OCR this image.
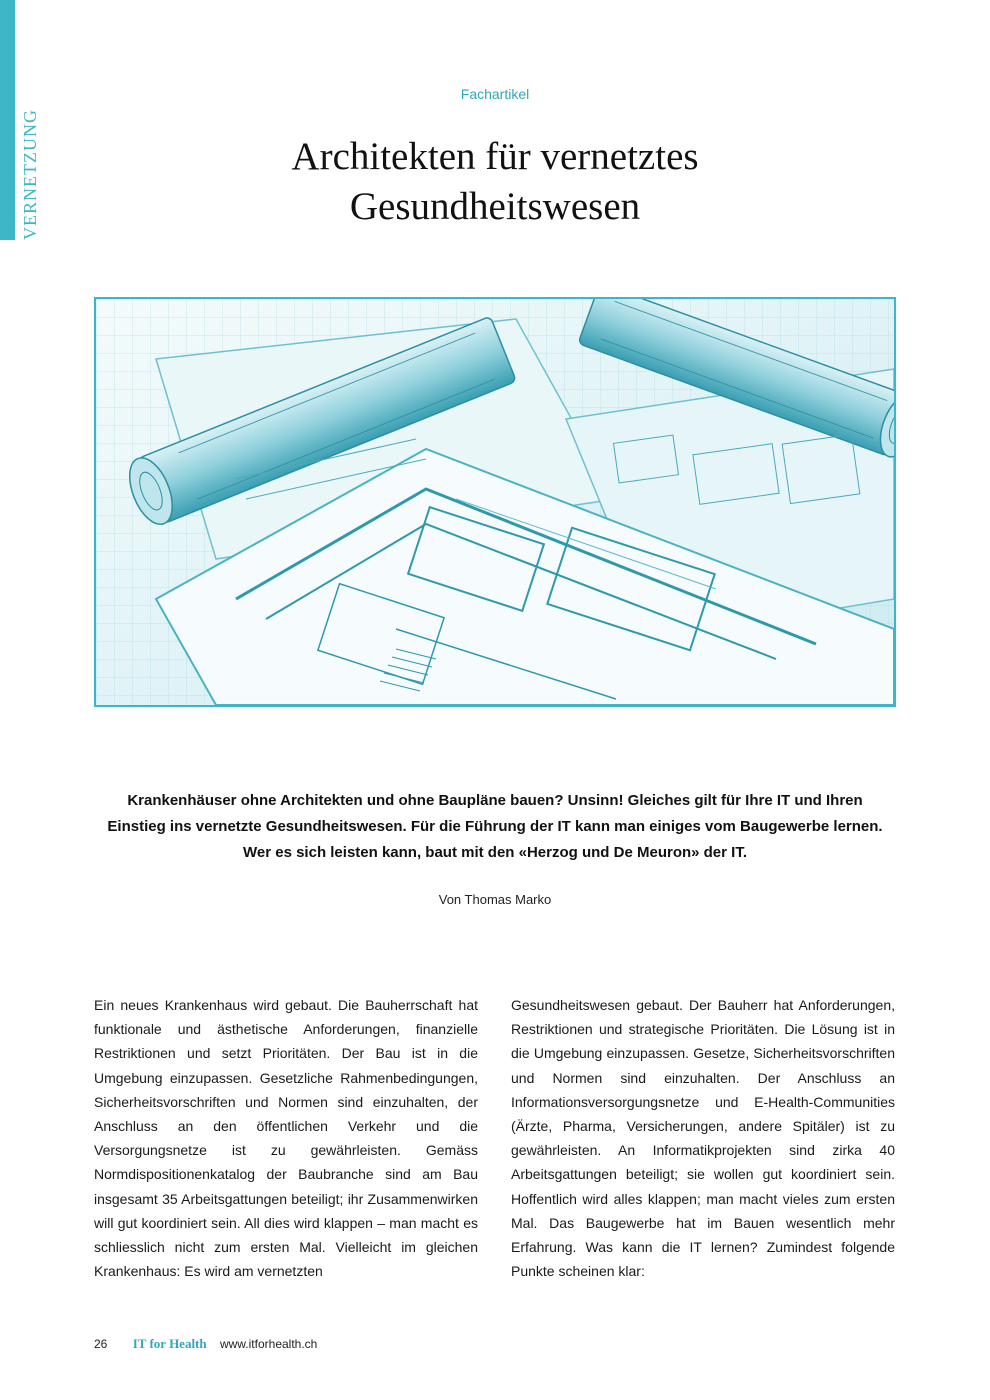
VERNETZUNG
Fachartikel
Architekten für vernetztes
Gesundheitswesen

Krankenhäuser ohne Architekten und ohne Baupläne bauen? Unsinn! Gleiches gilt für Ihre IT und Ihren Einstieg ins vernetzte Gesundheitswesen. Für die Führung der IT kann man einiges vom Baugewerbe lernen. Wer es sich leisten kann, baut mit den «Herzog und De Meuron» der IT.

Von Thomas Marko

Ein neues Krankenhaus wird gebaut. Die Bauherrschaft hat funktionale und ästhetische Anforderungen, finanzielle Restriktionen und setzt Prioritäten. Der Bau ist in die Umgebung einzupassen. Gesetzliche Rahmenbedingungen, Sicherheitsvorschriften und Normen sind einzuhalten, der Anschluss an den öffentlichen Verkehr und die Versorgungsnetze ist zu gewährleisten. Gemäss Normdispositionenkatalog der Baubranche sind am Bau insgesamt 35 Arbeitsgattungen beteiligt; ihr Zusammenwirken will gut koordiniert sein. All dies wird klappen – man macht es schliesslich nicht zum ersten Mal. Vielleicht im gleichen Krankenhaus: Es wird am vernetzten

Gesundheitswesen gebaut. Der Bauherr hat Anforderungen, Restriktionen und strategische Prioritäten. Die Lösung ist in die Umgebung einzupassen. Gesetze, Sicherheitsvorschriften und Normen sind einzuhalten. Der Anschluss an Informationsversorgungsnetze und E-Health-Communities (Ärzte, Pharma, Versicherungen, andere Spitäler) ist zu gewährleisten. An Informatikprojekten sind zirka 40 Arbeitsgattungen beteiligt; sie wollen gut koordiniert sein. Hoffentlich wird alles klappen; man macht vieles zum ersten Mal. Das Baugewerbe hat im Bauen wesentlich mehr Erfahrung. Was kann die IT lernen? Zumindest folgende Punkte scheinen klar:

26 IT for Health www.itforhealth.ch
